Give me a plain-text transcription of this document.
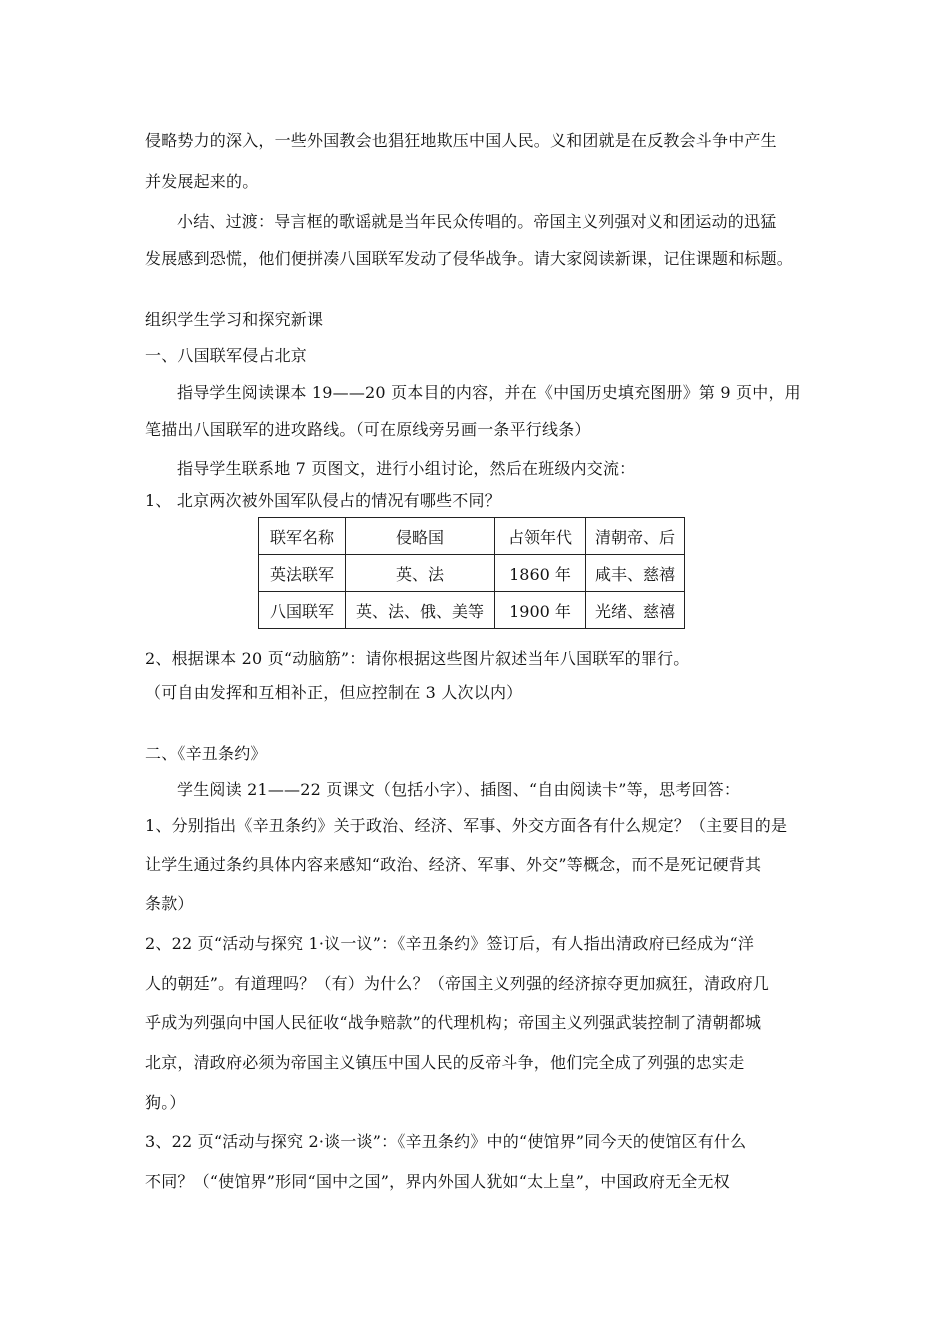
侵略势力的深入，一些外国教会也猖狂地欺压中国人民。义和团就是在反教会斗争中产生
并发展起来的。
小结、过渡：导言框的歌谣就是当年民众传唱的。帝国主义列强对义和团运动的迅猛
发展感到恐慌，他们便拼凑八国联军发动了侵华战争。请大家阅读新课，记住课题和标题。
组织学生学习和探究新课
一、八国联军侵占北京
指导学生阅读课本 19——20 页本目的内容，并在《中国历史填充图册》第 9 页中，用
笔描出八国联军的进攻路线。（可在原线旁另画一条平行线条）
指导学生联系地 7 页图文，进行小组讨论，然后在班级内交流：
1、 北京两次被外国军队侵占的情况有哪些不同？
联军名称	侵略国	占领年代	清朝帝、后
英法联军	英、法	1860 年	咸丰、慈禧
八国联军	英、法、俄、美等	1900 年	光绪、慈禧
2、根据课本 20 页“动脑筋”：请你根据这些图片叙述当年八国联军的罪行。
（可自由发挥和互相补正，但应控制在 3 人次以内）
二、《辛丑条约》
学生阅读 21——22 页课文（包括小字）、插图、“自由阅读卡”等，思考回答：
1、分别指出《辛丑条约》关于政治、经济、军事、外交方面各有什么规定？（主要目的是
让学生通过条约具体内容来感知“政治、经济、军事、外交”等概念，而不是死记硬背其
条款）
2、22 页“活动与探究 1·议一议”：《辛丑条约》签订后，有人指出清政府已经成为“洋
人的朝廷”。有道理吗？（有）为什么？（帝国主义列强的经济掠夺更加疯狂，清政府几
乎成为列强向中国人民征收“战争赔款”的代理机构；帝国主义列强武装控制了清朝都城
北京，清政府必须为帝国主义镇压中国人民的反帝斗争，他们完全成了列强的忠实走
狗。）
3、22 页“活动与探究 2·谈一谈”：《辛丑条约》中的“使馆界”同今天的使馆区有什么
不同？（“使馆界”形同“国中之国”，界内外国人犹如“太上皇”，中国政府无全无权
